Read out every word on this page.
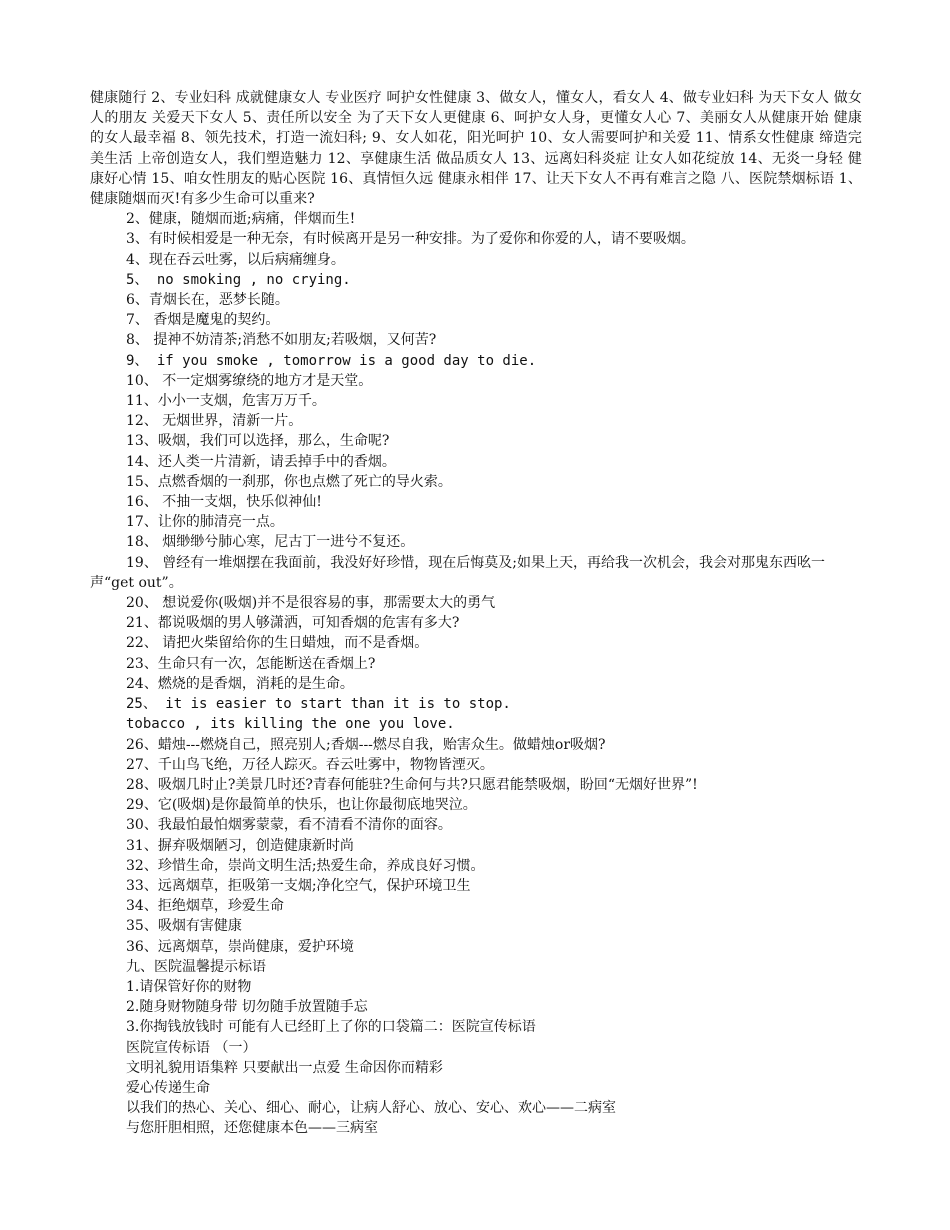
健康随行 2、专业妇科 成就健康女人 专业医疗 呵护女性健康 3、做女人，懂女人，看女人 4、做专业妇科 为天下女人 做女人的朋友 关爱天下女人 5、责任所以安全 为了天下女人更健康 6、呵护女人身，更懂女人心 7、美丽女人从健康开始 健康的女人最幸福 8、领先技术，打造一流妇科; 9、女人如花，阳光呵护 10、女人需要呵护和关爱 11、情系女性健康 缔造完美生活 上帝创造女人，我们塑造魅力 12、享健康生活 做品质女人 13、远离妇科炎症 让女人如花绽放 14、无炎一身轻 健康好心情 15、咱女性朋友的贴心医院 16、真情恒久远 健康永相伴 17、让天下女人不再有难言之隐 八、医院禁烟标语 1、健康随烟而灭!有多少生命可以重来?

2、健康，随烟而逝;病痛，伴烟而生!

3、有时候相爱是一种无奈，有时候离开是另一种安排。为了爱你和你爱的人，请不要吸烟。

4、现在吞云吐雾，以后病痛缠身。

5、 no smoking , no crying.

6、青烟长在，恶梦长随。

7、 香烟是魔鬼的契约。

8、 提神不妨清茶;消愁不如朋友;若吸烟，又何苦?

9、 if you smoke , tomorrow is a good day to die.

10、 不一定烟雾缭绕的地方才是天堂。

11、小小一支烟，危害万万千。

12、 无烟世界，清新一片。

13、吸烟，我们可以选择，那么，生命呢?

14、还人类一片清新，请丢掉手中的香烟。

15、点燃香烟的一刹那，你也点燃了死亡的导火索。

16、 不抽一支烟，快乐似神仙!

17、让你的肺清亮一点。

18、 烟缈缈兮肺心寒，尼古丁一进兮不复还。

19、 曾经有一堆烟摆在我面前，我没好好珍惜，现在后悔莫及;如果上天，再给我一次机会，我会对那鬼东西吆一声“get out”。

20、 想说爱你(吸烟)并不是很容易的事，那需要太大的勇气

21、都说吸烟的男人够潇洒，可知香烟的危害有多大?

22、 请把火柴留给你的生日蜡烛，而不是香烟。

23、生命只有一次，怎能断送在香烟上?

24、燃烧的是香烟，消耗的是生命。

25、 it is easier to start than it is to stop.

tobacco , its killing the one you love.

26、蜡烛---燃烧自己，照亮别人;香烟---燃尽自我，贻害众生。做蜡烛or吸烟?

27、千山鸟飞绝，万径人踪灭。吞云吐雾中，物物皆湮灭。

28、吸烟几时止?美景几时还?青春何能驻?生命何与共?只愿君能禁吸烟，盼回“无烟好世界”!

29、它(吸烟)是你最简单的快乐，也让你最彻底地哭泣。

30、我最怕最怕烟雾蒙蒙，看不清看不清你的面容。

31、摒弃吸烟陋习，创造健康新时尚

32、珍惜生命，崇尚文明生活;热爱生命，养成良好习惯。

33、远离烟草，拒吸第一支烟;净化空气，保护环境卫生

34、拒绝烟草，珍爱生命

35、吸烟有害健康

36、远离烟草，崇尚健康，爱护环境

九、医院温馨提示标语

1.请保管好你的财物

2.随身财物随身带 切勿随手放置随手忘

3.你掏钱放钱时 可能有人已经盯上了你的口袋篇二：医院宣传标语

医院宣传标语 （一）

文明礼貌用语集粹 只要献出一点爱 生命因你而精彩

爱心传递生命

以我们的热心、关心、细心、耐心，让病人舒心、放心、安心、欢心——二病室

与您肝胆相照，还您健康本色——三病室
